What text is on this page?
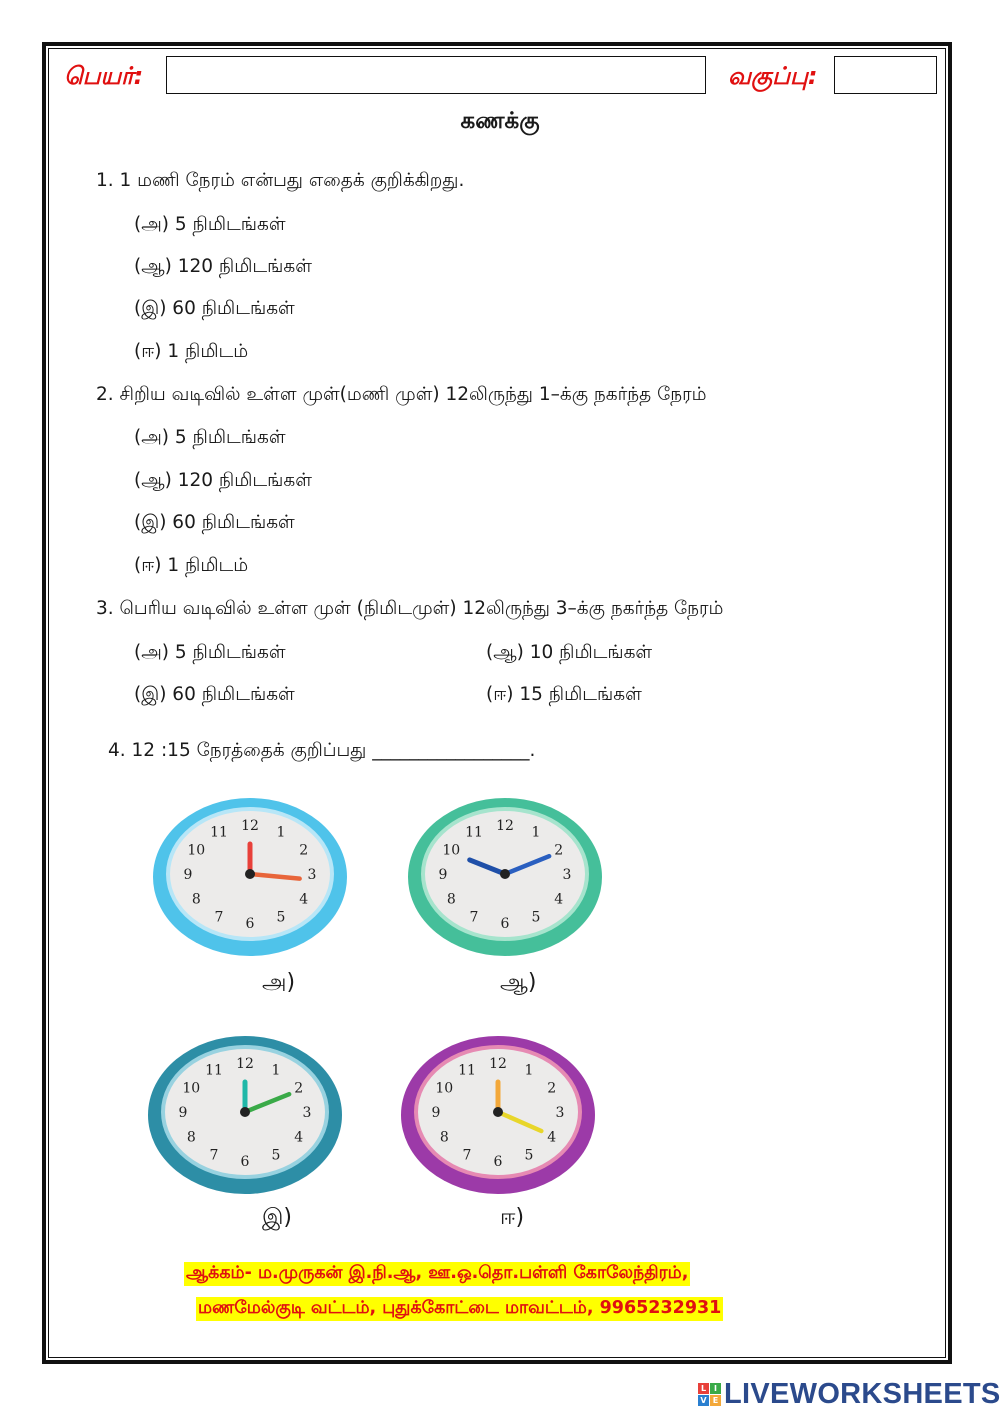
பெயர்:	வகுப்பு:
கணக்கு
1. 1 மணி நேரம் என்பது எதைக் குறிக்கிறது.
(அ) 5 நிமிடங்கள்
(ஆ) 120 நிமிடங்கள்
(இ) 60 நிமிடங்கள்
(ஈ) 1 நிமிடம்
2. சிறிய வடிவில் உள்ள முள்(மணி முள்) 12லிருந்து 1–க்கு நகர்ந்த நேரம்
(அ) 5 நிமிடங்கள்
(ஆ) 120 நிமிடங்கள்
(இ) 60 நிமிடங்கள்
(ஈ) 1 நிமிடம்
3. பெரிய வடிவில் உள்ள முள் (நிமிடமுள்) 12லிருந்து 3–க்கு நகர்ந்த நேரம்
(அ) 5 நிமிடங்கள்	(ஆ) 10 நிமிடங்கள்
(இ) 60 நிமிடங்கள்	(ஈ) 15 நிமிடங்கள்
4. 12 :15 நேரத்தைக் குறிப்பது _________________.
12 1
2
3
4
5
6
7
8
9
10
11
அ)
12 1
2
3
4
5
6
7
8
9
10
11
ஆ)
12 1
2
3
4
5
6
7
8
9
10
11
இ)
12 1
2
3
4
5
6
7
8
9
10
11
ஈ)
ஆக்கம்- ம.முருகன் இ.நி.ஆ, ஊ.ஒ.தொ.பள்ளி கோலேந்திரம்,
மணமேல்குடி வட்டம், புதுக்கோட்டை மாவட்டம், 9965232931
L I
V E LIVEWORKSHEETS
